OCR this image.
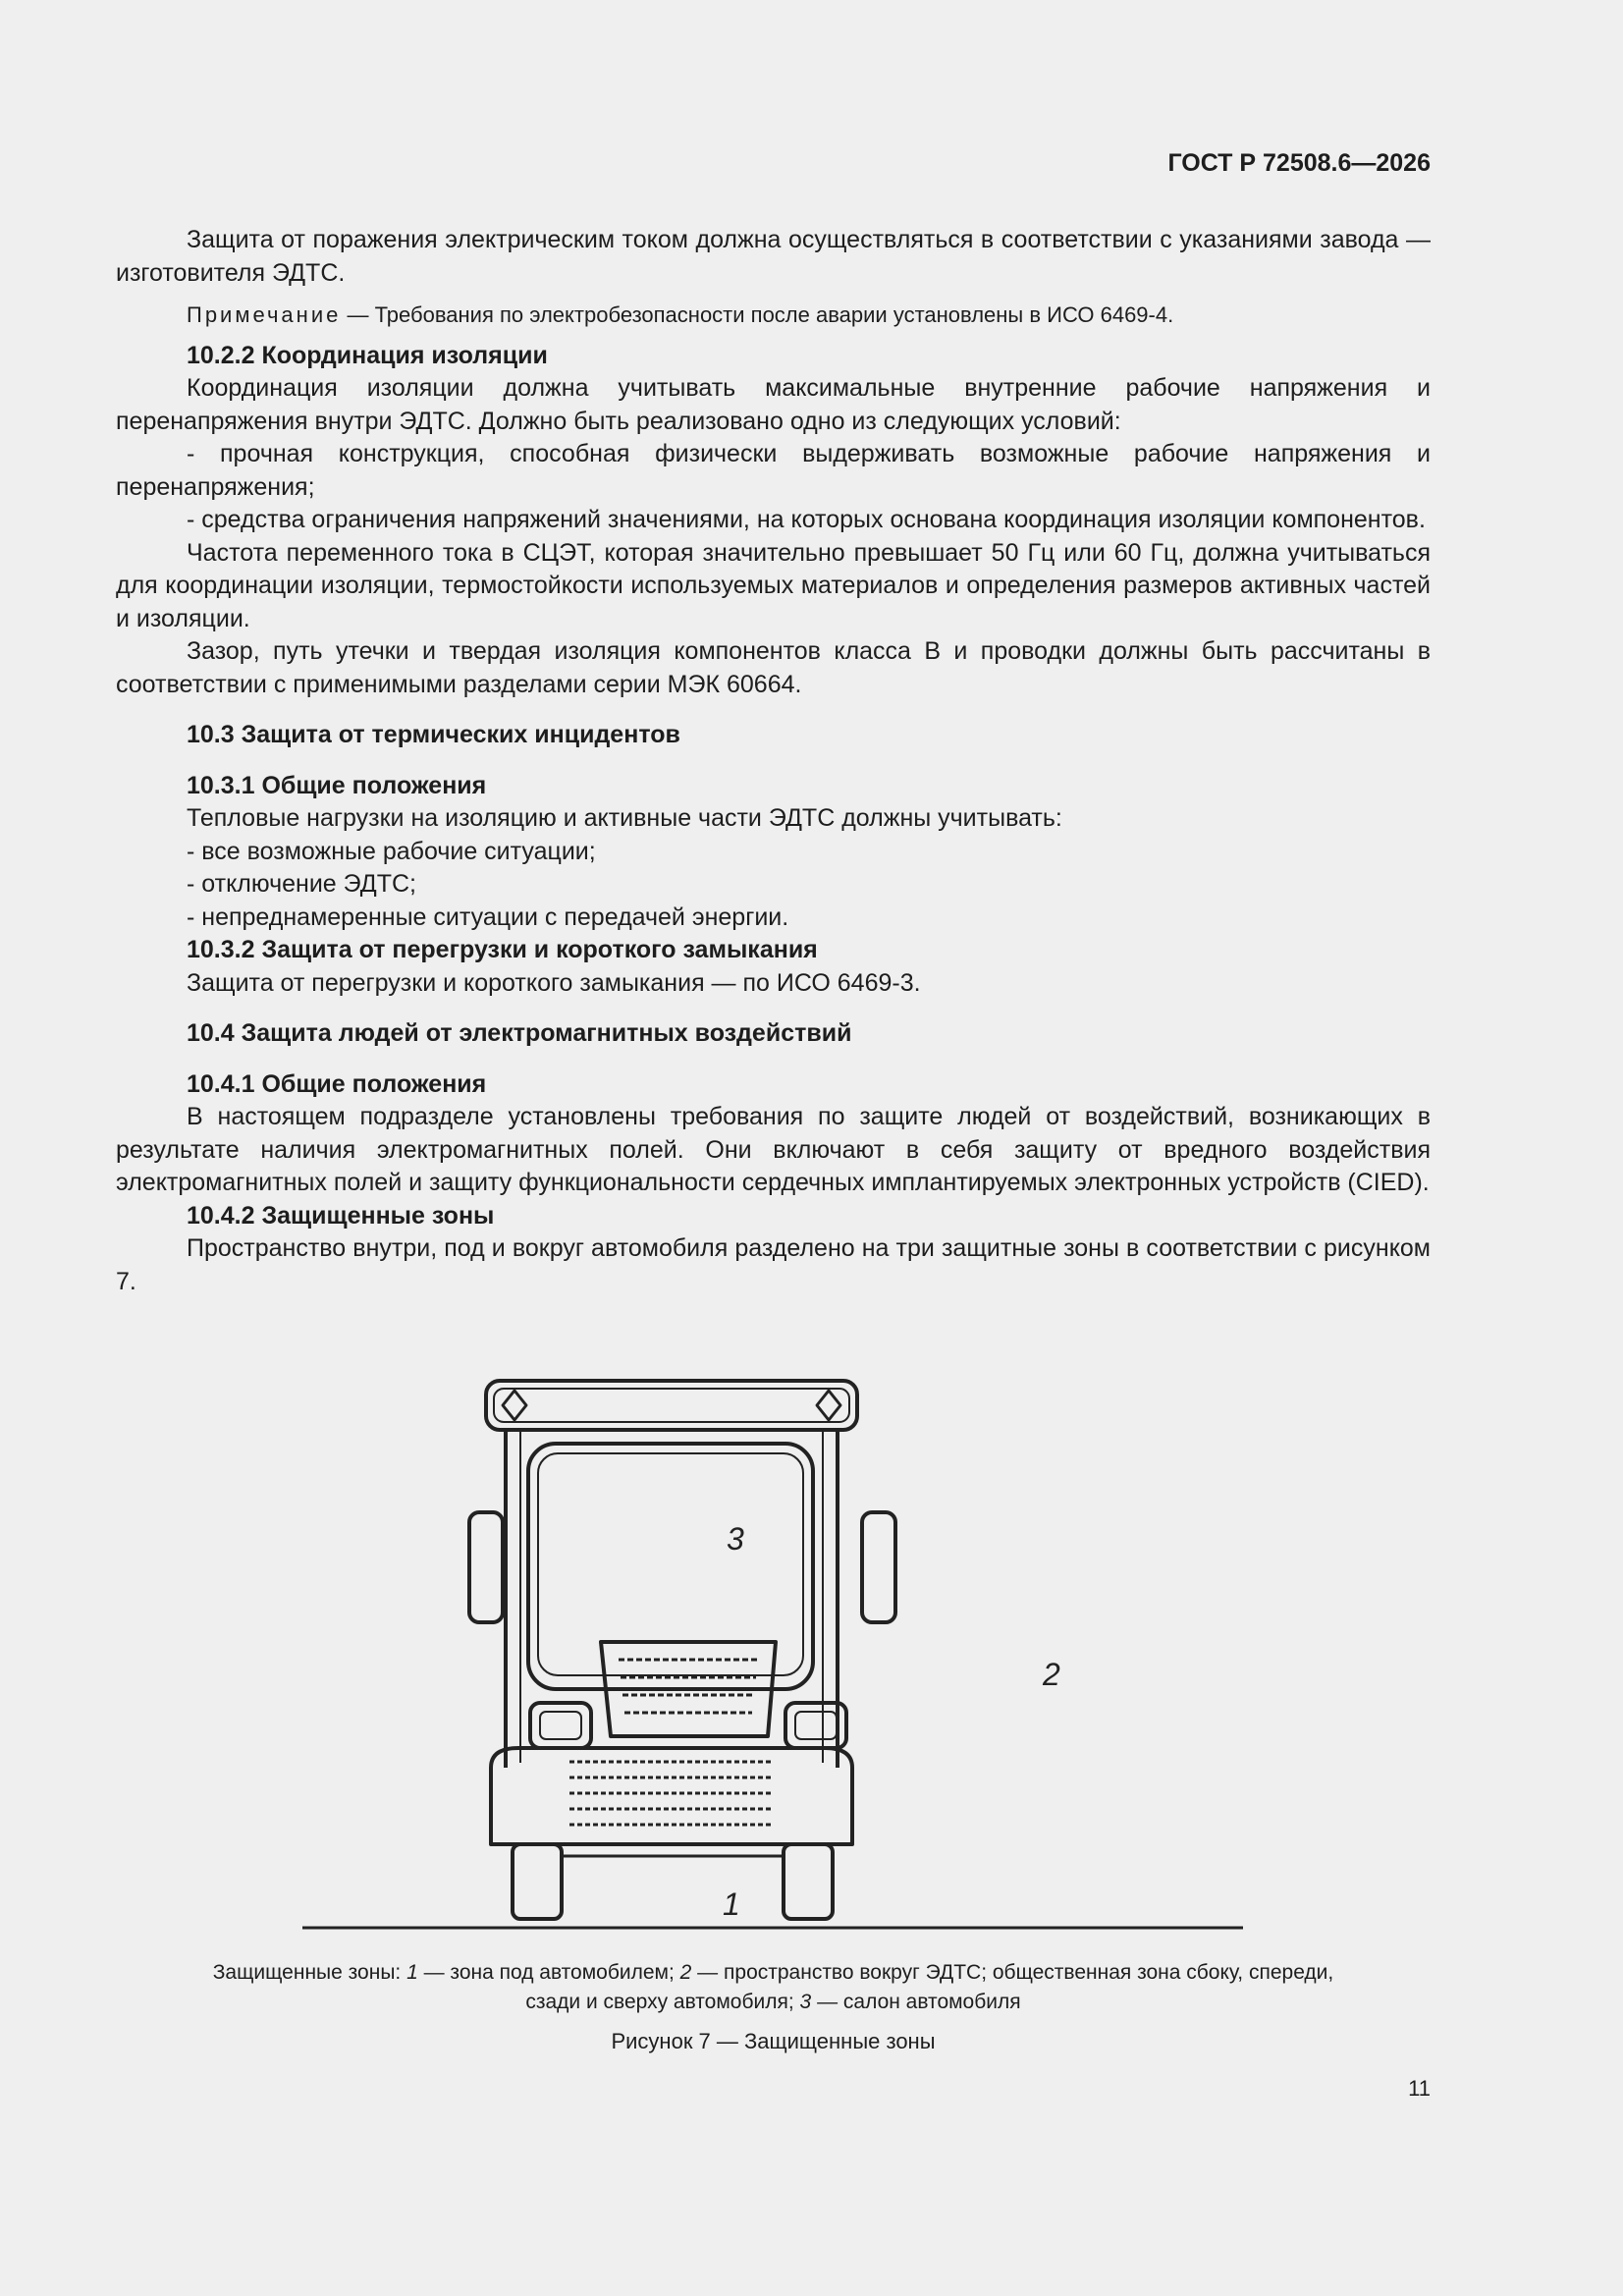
ГОСТ Р 72508.6—2026

Защита от поражения электрическим током должна осуществляться в соответствии с указаниями завода — изготовителя ЭДТС.

Примечание — Требования по электробезопасности после аварии установлены в ИСО 6469-4.

10.2.2 Координация изоляции

Координация изоляции должна учитывать максимальные внутренние рабочие напряжения и перенапряжения внутри ЭДТС. Должно быть реализовано одно из следующих условий:

- прочная конструкция, способная физически выдерживать возможные рабочие напряжения и перенапряжения;

- средства ограничения напряжений значениями, на которых основана координация изоляции компонентов.

Частота переменного тока в СЦЭТ, которая значительно превышает 50 Гц или 60 Гц, должна учитываться для координации изоляции, термостойкости используемых материалов и определения размеров активных частей и изоляции.

Зазор, путь утечки и твердая изоляция компонентов класса В и проводки должны быть рассчитаны в соответствии с применимыми разделами серии МЭК 60664.

10.3 Защита от термических инцидентов

10.3.1 Общие положения

Тепловые нагрузки на изоляцию и активные части ЭДТС должны учитывать:

- все возможные рабочие ситуации;

- отключение ЭДТС;

- непреднамеренные ситуации с передачей энергии.

10.3.2 Защита от перегрузки и короткого замыкания

Защита от перегрузки и короткого замыкания — по ИСО 6469-3.

10.4 Защита людей от электромагнитных воздействий

10.4.1 Общие положения

В настоящем подразделе установлены требования по защите людей от воздействий, возникающих в результате наличия электромагнитных полей. Они включают в себя защиту от вредного воздействия электромагнитных полей и защиту функциональности сердечных имплантируемых электронных устройств (CIED).

10.4.2 Защищенные зоны

Пространство внутри, под и вокруг автомобиля разделено на три защитные зоны в соответствии с рисунком 7.

3
2
1
Защищенные зоны: 1 — зона под автомобилем; 2 — пространство вокруг ЭДТС; общественная зона сбоку, спереди,
сзади и сверху автомобиля; 3 — салон автомобиля
Рисунок 7 — Защищенные зоны
11
